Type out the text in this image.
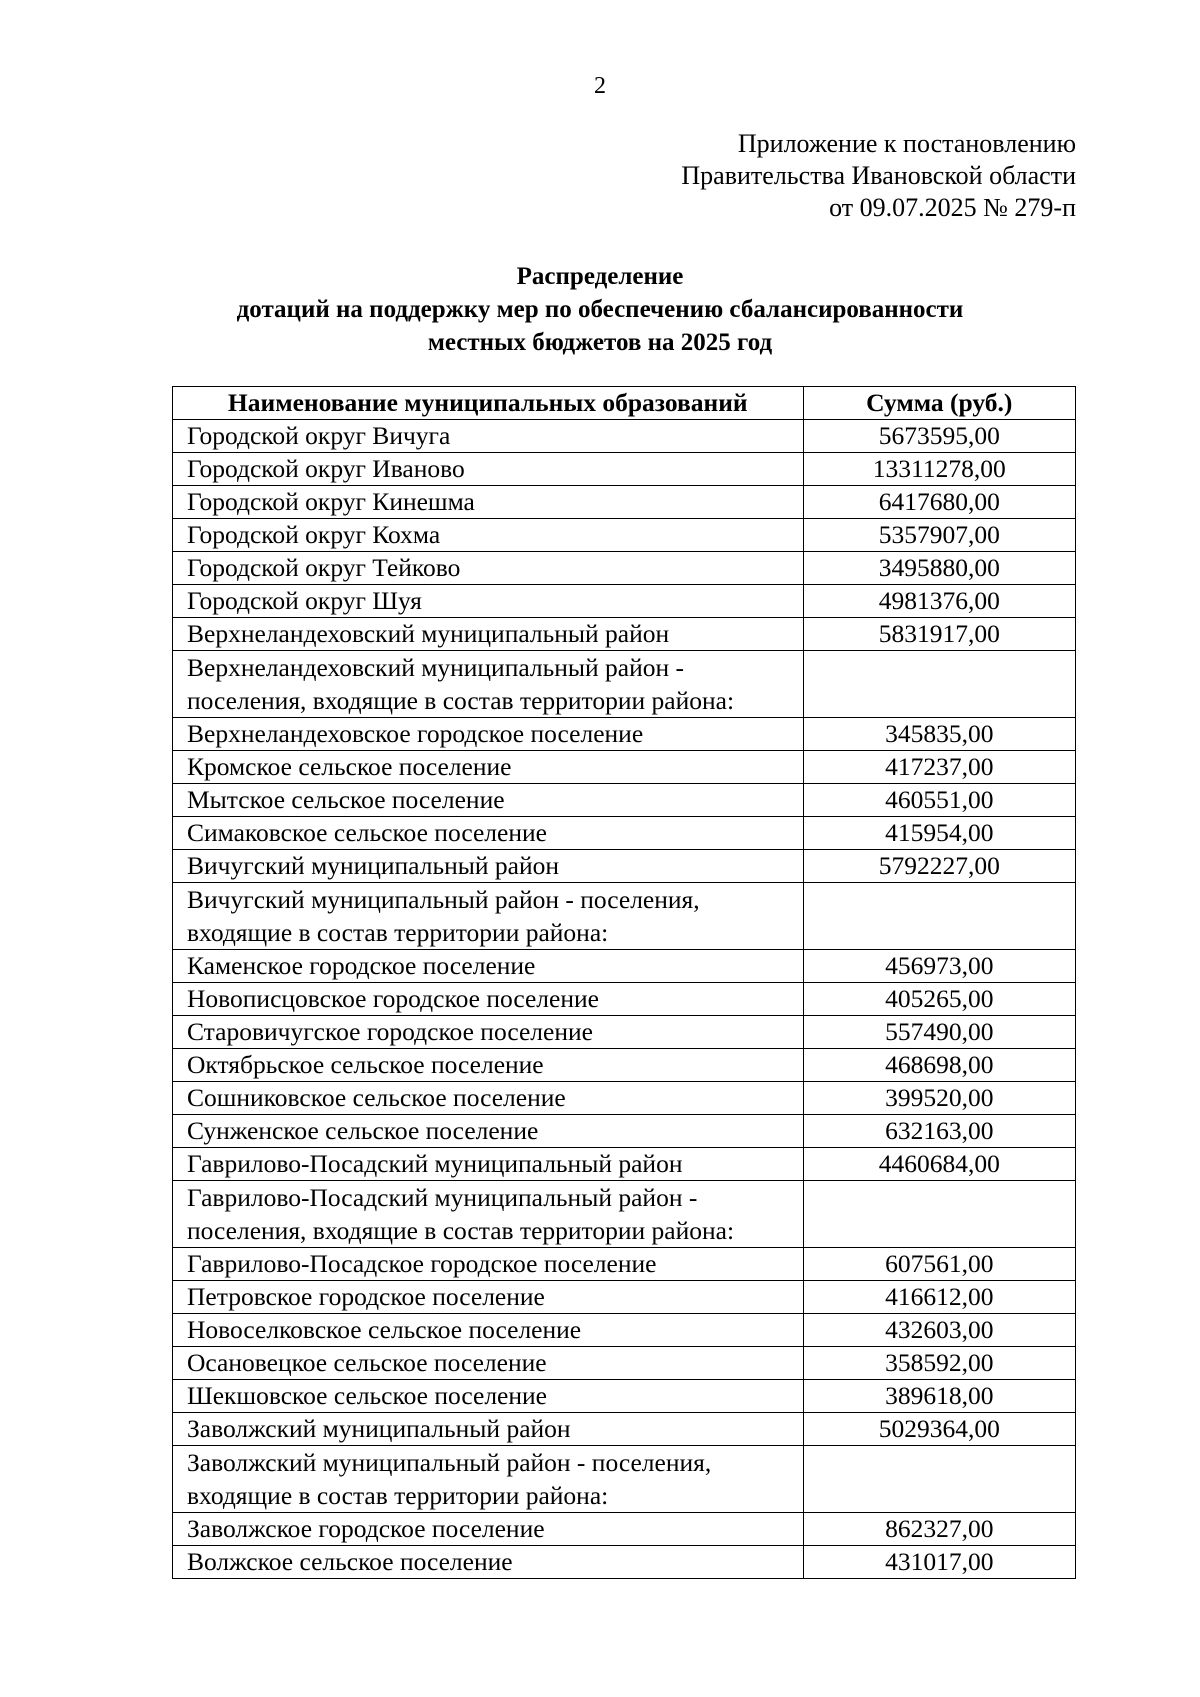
2
Приложение к постановлению
Правительства Ивановской области
от 09.07.2025 № 279-п
Распределение
дотаций на поддержку мер по обеспечению сбалансированности
местных бюджетов на 2025 год
Наименование муниципальных образований	Сумма (руб.)
Городской округ Вичуга	5673595,00
Городской округ Иваново	13311278,00
Городской округ Кинешма	6417680,00
Городской округ Кохма	5357907,00
Городской округ Тейково	3495880,00
Городской округ Шуя	4981376,00
Верхнеландеховский муниципальный район	5831917,00
Верхнеландеховский муниципальный район - поселения, входящие в состав территории района:	
Верхнеландеховское городское поселение	345835,00
Кромское сельское поселение	417237,00
Мытское сельское поселение	460551,00
Симаковское сельское поселение	415954,00
Вичугский муниципальный район	5792227,00
Вичугский муниципальный район - поселения, входящие в состав территории района:	
Каменское городское поселение	456973,00
Новописцовское городское поселение	405265,00
Старовичугское городское поселение	557490,00
Октябрьское сельское поселение	468698,00
Сошниковское сельское поселение	399520,00
Сунженское сельское поселение	632163,00
Гаврилово-Посадский муниципальный район	4460684,00
Гаврилово-Посадский муниципальный район - поселения, входящие в состав территории района:	
Гаврилово-Посадское городское поселение	607561,00
Петровское городское поселение	416612,00
Новоселковское сельское поселение	432603,00
Осановецкое сельское поселение	358592,00
Шекшовское сельское поселение	389618,00
Заволжский муниципальный район	5029364,00
Заволжский муниципальный район - поселения, входящие в состав территории района:	
Заволжское городское поселение	862327,00
Волжское сельское поселение	431017,00
